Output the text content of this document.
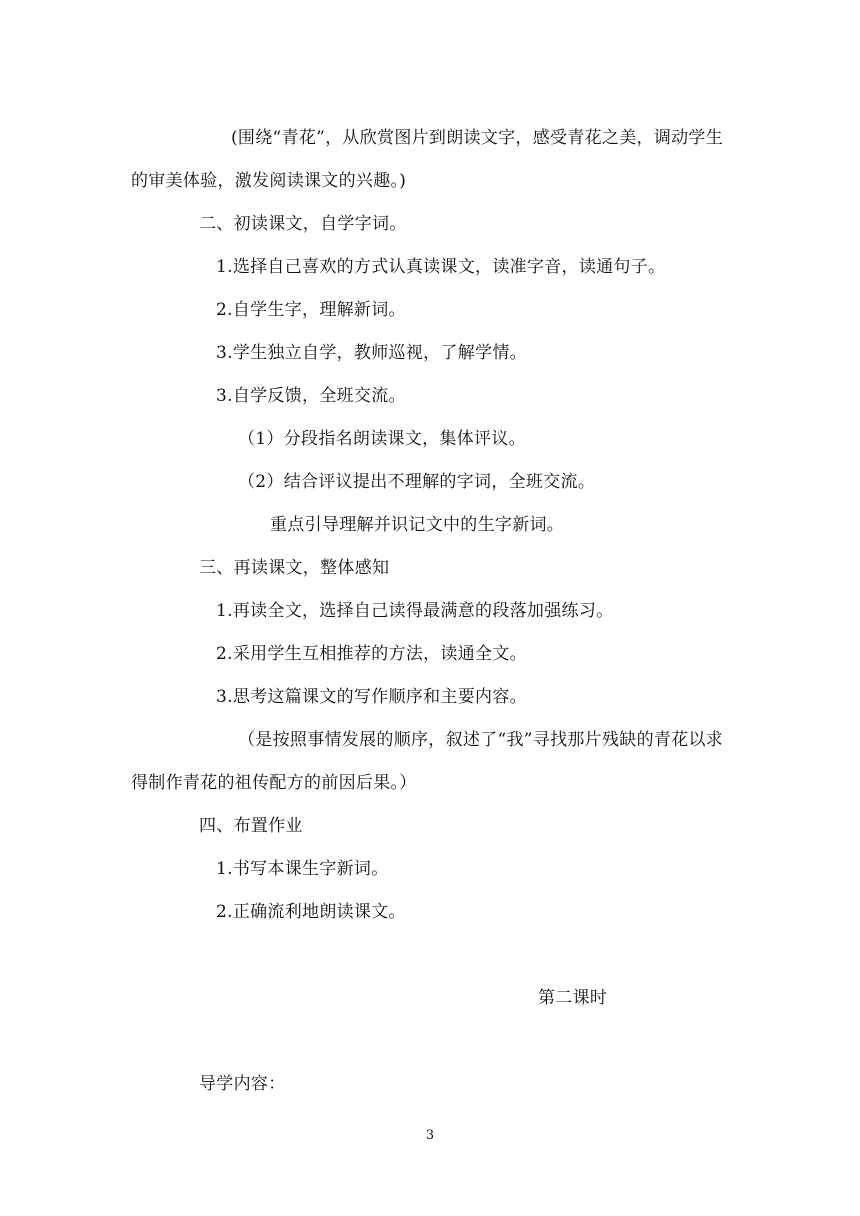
(围绕“青花”，从欣赏图片到朗读文字，感受青花之美，调动学生
的审美体验，激发阅读课文的兴趣。)
二、初读课文，自学字词。
1.选择自己喜欢的方式认真读课文，读准字音，读通句子。
2.自学生字，理解新词。
3.学生独立自学，教师巡视，了解学情。
3.自学反馈，全班交流。
（1）分段指名朗读课文，集体评议。
（2）结合评议提出不理解的字词，全班交流。
重点引导理解并识记文中的生字新词。
三、再读课文，整体感知
1.再读全文，选择自己读得最满意的段落加强练习。
2.采用学生互相推荐的方法，读通全文。
3.思考这篇课文的写作顺序和主要内容。
（是按照事情发展的顺序，叙述了“我”寻找那片残缺的青花以求
得制作青花的祖传配方的前因后果。）
四、布置作业
1.书写本课生字新词。
2.正确流利地朗读课文。
第二课时
导学内容：
3
